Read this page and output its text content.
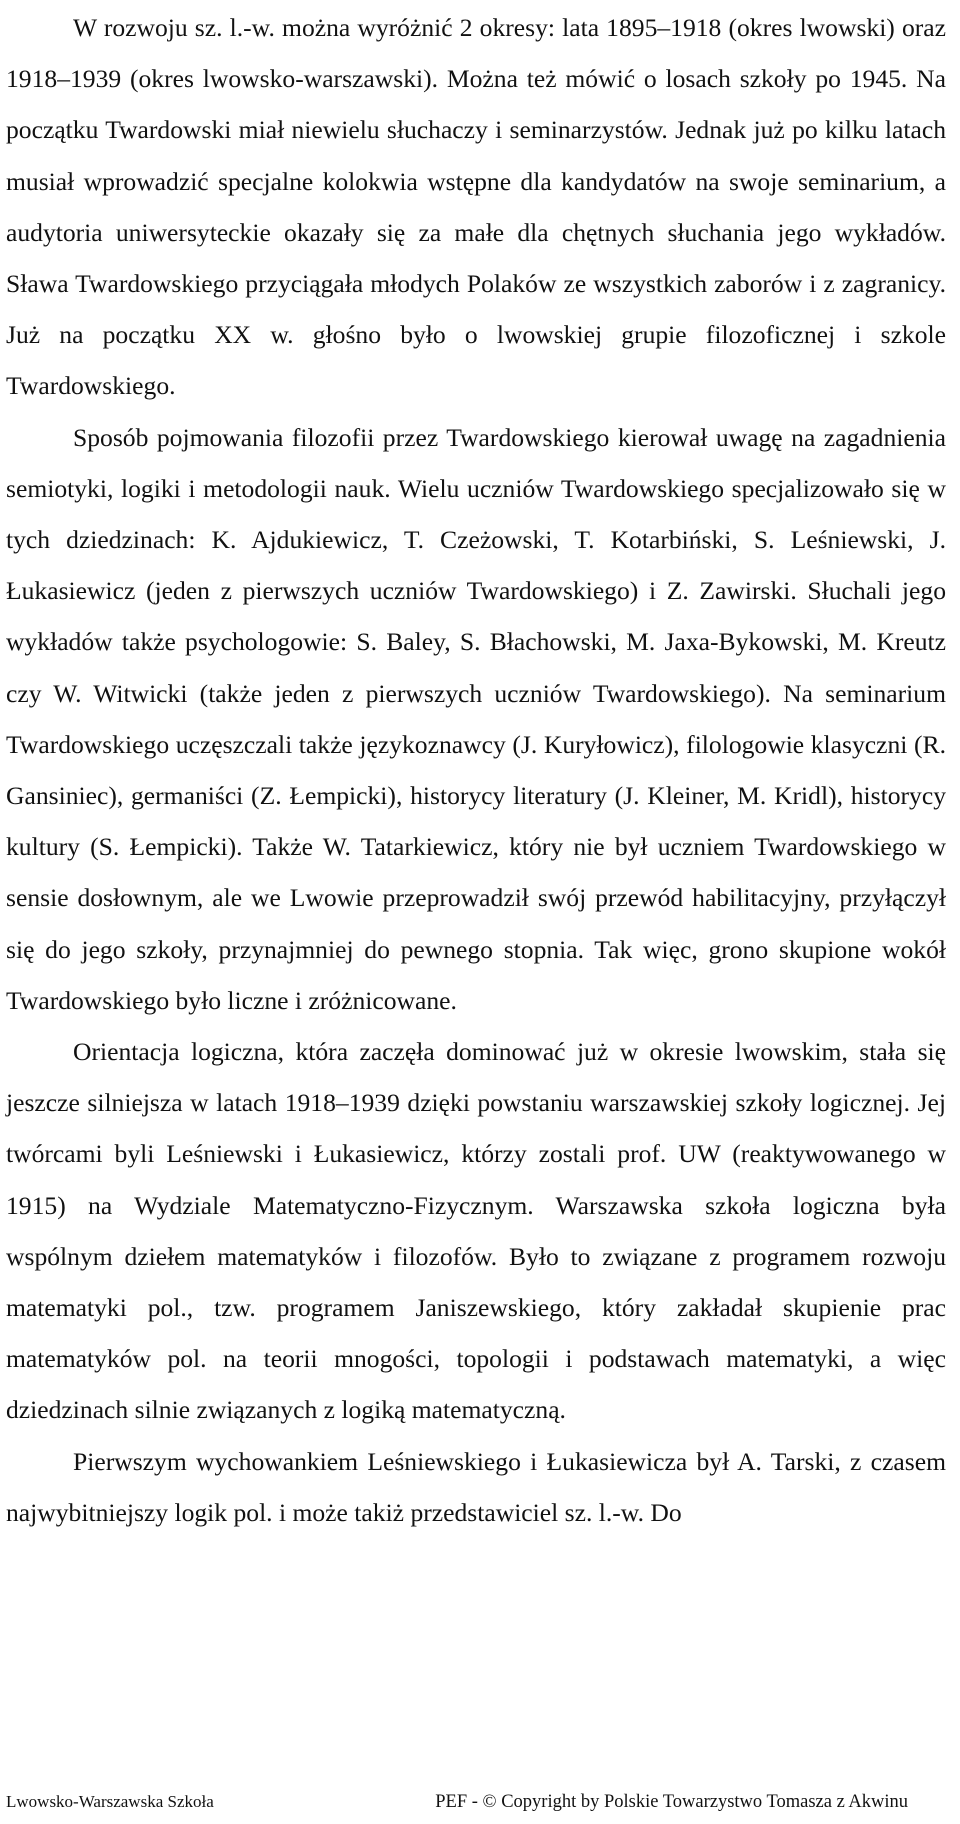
W rozwoju sz. l.-w. można wyróżnić 2 okresy: lata 1895–1918 (okres lwowski) oraz 1918–1939 (okres lwowsko-warszawski). Można też mówić o losach szkoły po 1945. Na początku Twardowski miał niewielu słuchaczy i seminarzystów. Jednak już po kilku latach musiał wprowadzić specjalne kolokwia wstępne dla kandydatów na swoje seminarium, a audytoria uniwersyteckie okazały się za małe dla chętnych słuchania jego wykładów. Sława Twardowskiego przyciągała młodych Polaków ze wszystkich zaborów i z zagranicy. Już na początku XX w. głośno było o lwowskiej grupie filozoficznej i szkole Twardowskiego.

Sposób pojmowania filozofii przez Twardowskiego kierował uwagę na zagadnienia semiotyki, logiki i metodologii nauk. Wielu uczniów Twardowskiego specjalizowało się w tych dziedzinach: K. Ajdukiewicz, T. Czeżowski, T. Kotarbiński, S. Leśniewski, J. Łukasiewicz (jeden z pierwszych uczniów Twardowskiego) i Z. Zawirski. Słuchali jego wykładów także psychologowie: S. Baley, S. Błachowski, M. Jaxa-Bykowski, M. Kreutz czy W. Witwicki (także jeden z pierwszych uczniów Twardowskiego). Na seminarium Twardowskiego uczęszczali także językoznawcy (J. Kuryłowicz), filologowie klasyczni (R. Gansiniec), germaniści (Z. Łempicki), historycy literatury (J. Kleiner, M. Kridl), historycy kultury (S. Łempicki). Także W. Tatarkiewicz, który nie był uczniem Twardowskiego w sensie dosłownym, ale we Lwowie przeprowadził swój przewód habilitacyjny, przyłączył się do jego szkoły, przynajmniej do pewnego stopnia. Tak więc, grono skupione wokół Twardowskiego było liczne i zróżnicowane.

Orientacja logiczna, która zaczęła dominować już w okresie lwowskim, stała się jeszcze silniejsza w latach 1918–1939 dzięki powstaniu warszawskiej szkoły logicznej. Jej twórcami byli Leśniewski i Łukasiewicz, którzy zostali prof. UW (reaktywowanego w 1915) na Wydziale Matematyczno-Fizycznym. Warszawska szkoła logiczna była wspólnym dziełem matematyków i filozofów. Było to związane z programem rozwoju matematyki pol., tzw. programem Janiszewskiego, który zakładał skupienie prac matematyków pol. na teorii mnogości, topologii i podstawach matematyki, a więc dziedzinach silnie związanych z logiką matematyczną.

Pierwszym wychowankiem Leśniewskiego i Łukasiewicza był A. Tarski, z czasem najwybitniejszy logik pol. i może takiż przedstawiciel sz. l.-w. Do

Lwowsko-Warszawska Szkoła	PEF - © Copyright by Polskie Towarzystwo Tomasza z Akwinu
